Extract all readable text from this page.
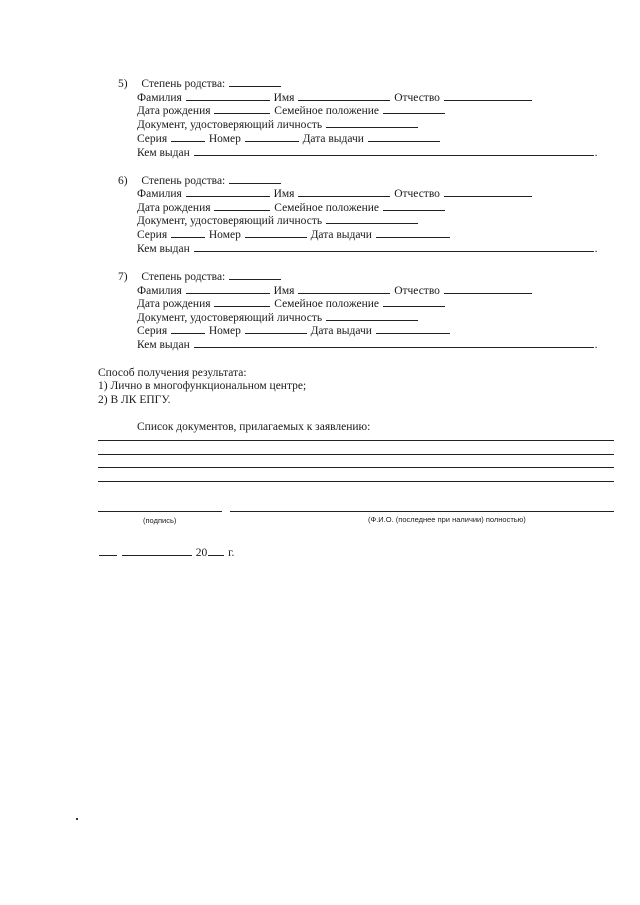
5) Степень родства:
Фамилия	Имя	Отчество
Дата рождения	Семейное положение
Документ, удостоверяющий личность
Серия	Номер	Дата выдачи
Кем выдан	.
6) Степень родства:
Фамилия	Имя	Отчество
Дата рождения	Семейное положение
Документ, удостоверяющий личность
Серия	Номер	Дата выдачи
Кем выдан	.
7) Степень родства:
Фамилия	Имя	Отчество
Дата рождения	Семейное положение
Документ, удостоверяющий личность
Серия	Номер	Дата выдачи
Кем выдан	.
Способ получения результата:
1) Лично в многофункциональном центре;
2) В ЛК ЕПГУ.
Список документов, прилагаемых к заявлению:
(подпись)	(Ф.И.О. (последнее при наличии) полностью)
20 г.
